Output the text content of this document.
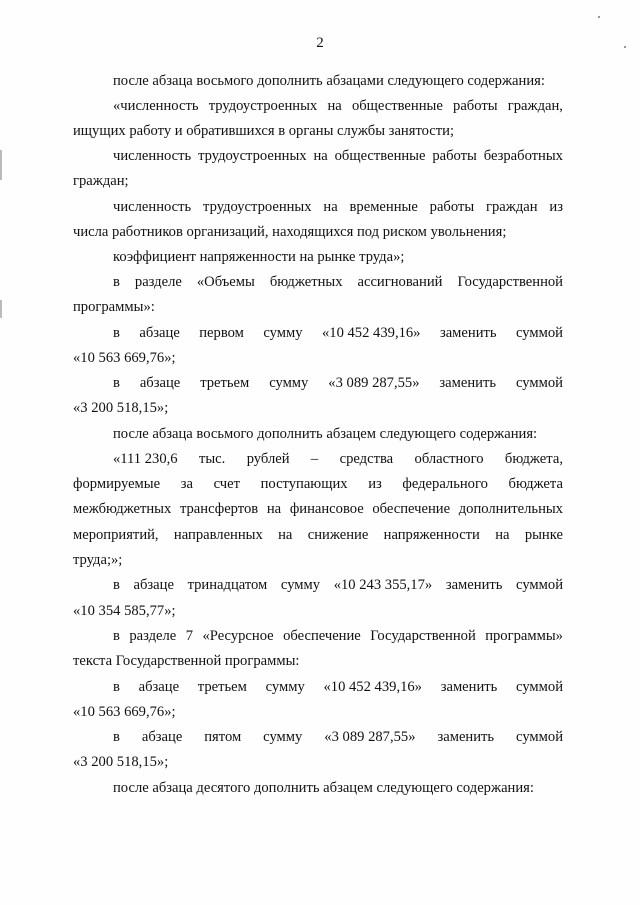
2
после абзаца восьмого дополнить абзацами следующего содержания:
«численность трудоустроенных на общественные работы граждан,
ищущих работу и обратившихся в органы службы занятости;
численность трудоустроенных на общественные работы безработных
граждан;
численность трудоустроенных на временные работы граждан из
числа работников организаций, находящихся под риском увольнения;
коэффициент напряженности на рынке труда»;
в разделе «Объемы бюджетных ассигнований Государственной
программы»:
в абзаце первом сумму «10 452 439,16» заменить суммой
«10 563 669,76»;
в абзаце третьем сумму «3 089 287,55» заменить суммой
«3 200 518,15»;
после абзаца восьмого дополнить абзацем следующего содержания:
«111 230,6 тыс. рублей – средства областного бюджета,
формируемые за счет поступающих из федерального бюджета
межбюджетных трансфертов на финансовое обеспечение дополнительных
мероприятий, направленных на снижение напряженности на рынке
труда;»;
в абзаце тринадцатом сумму «10 243 355,17» заменить суммой
«10 354 585,77»;
в разделе 7 «Ресурсное обеспечение Государственной программы»
текста Государственной программы:
в абзаце третьем сумму «10 452 439,16» заменить суммой
«10 563 669,76»;
в абзаце пятом сумму «3 089 287,55» заменить суммой
«3 200 518,15»;
после абзаца десятого дополнить абзацем следующего содержания:
